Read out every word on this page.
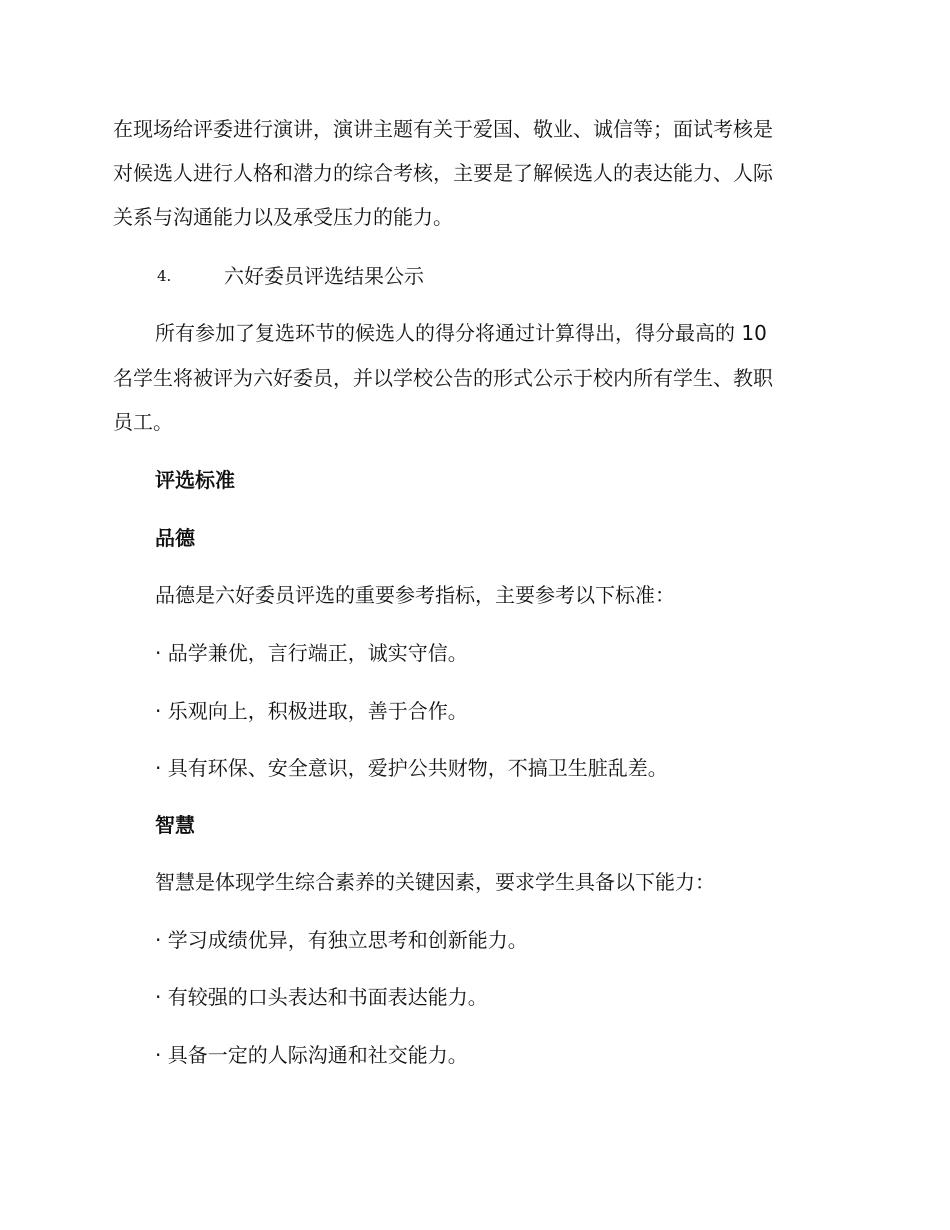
在现场给评委进行演讲，演讲主题有关于爱国、敬业、诚信等；面试考核是
对候选人进行人格和潜力的综合考核，主要是了解候选人的表达能力、人际
关系与沟通能力以及承受压力的能力。
4.	六好委员评选结果公示
所有参加了复选环节的候选人的得分将通过计算得出，得分最高的 10
名学生将被评为六好委员，并以学校公告的形式公示于校内所有学生、教职
员工。
评选标准
品德
品德是六好委员评选的重要参考指标，主要参考以下标准：
· 品学兼优，言行端正，诚实守信。
· 乐观向上，积极进取，善于合作。
· 具有环保、安全意识，爱护公共财物，不搞卫生脏乱差。
智慧
智慧是体现学生综合素养的关键因素，要求学生具备以下能力：
· 学习成绩优异，有独立思考和创新能力。
· 有较强的口头表达和书面表达能力。
· 具备一定的人际沟通和社交能力。
